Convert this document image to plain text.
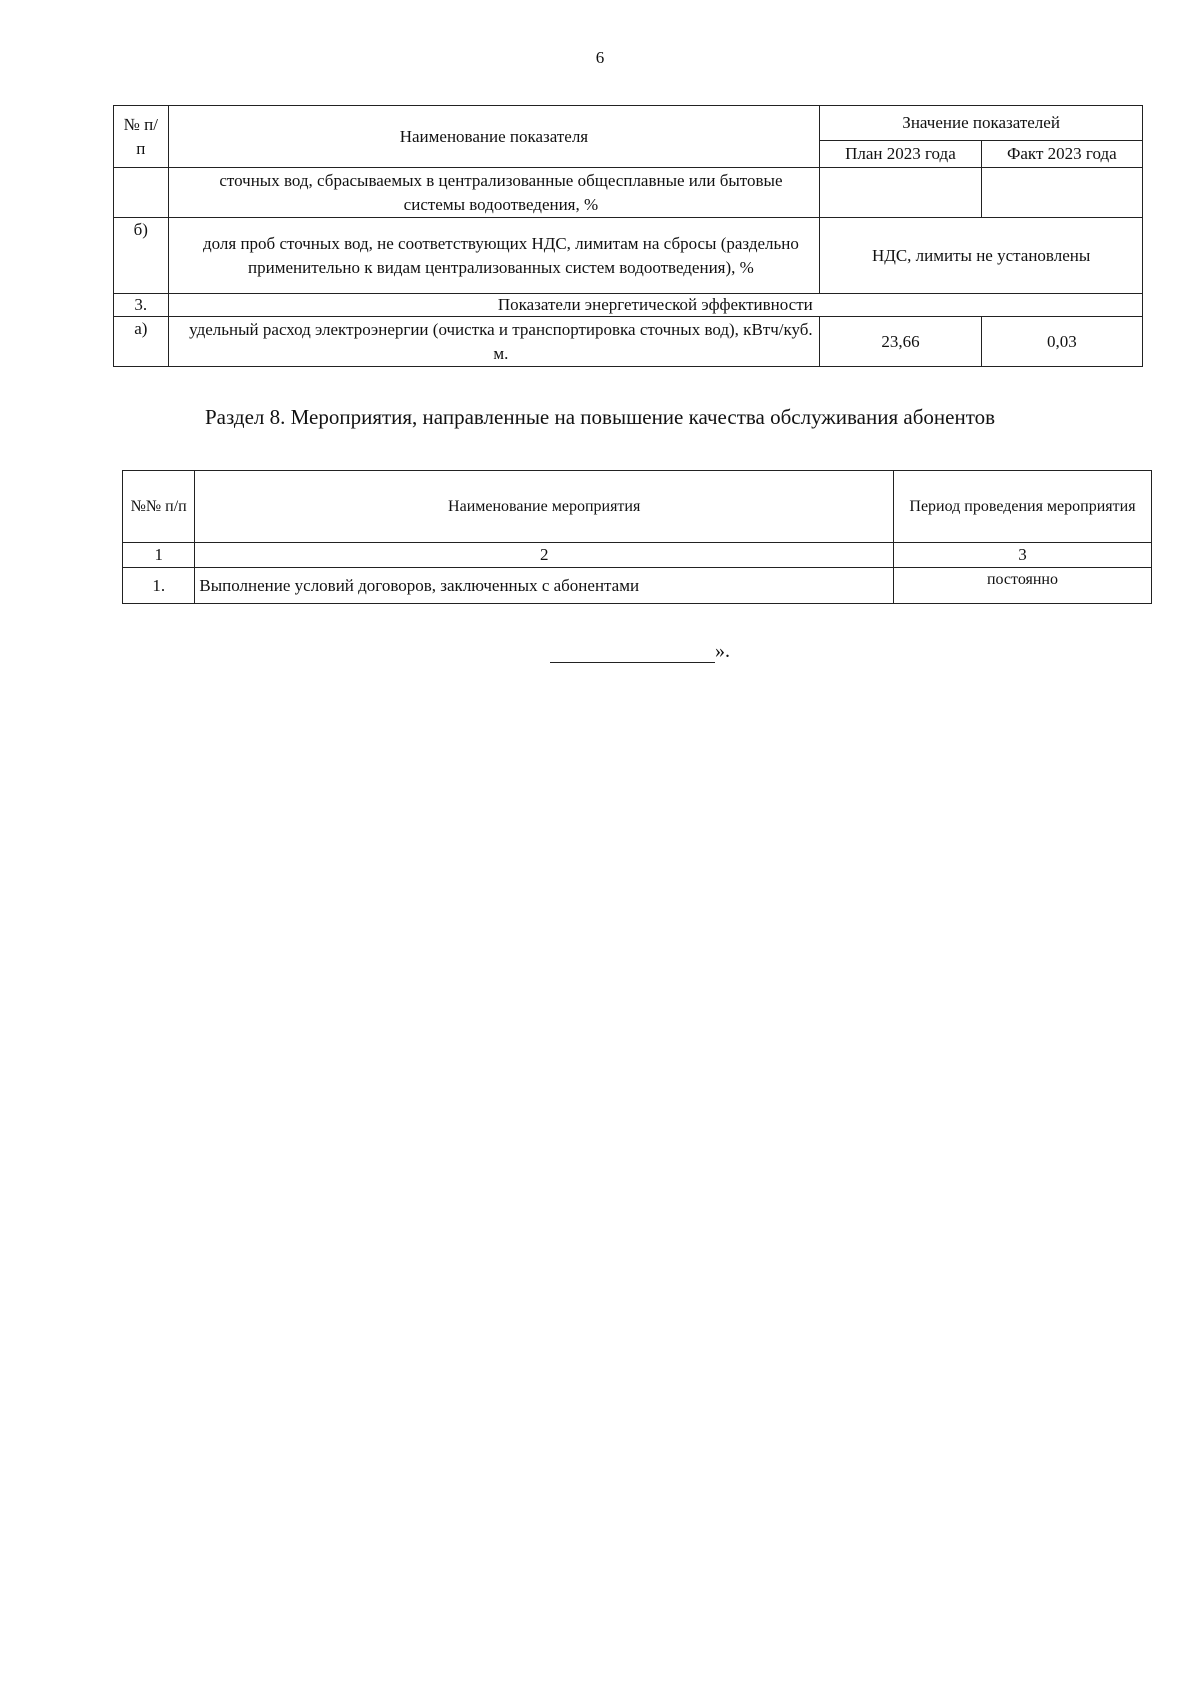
6
№ п/п	Наименование показателя	Значение показателей	
		План 2023 года	Факт 2023 года
	сточных вод, сбрасываемых в централизованные общесплавные или бытовые системы водоотведения, %		
б)	доля проб сточных вод, не соответствующих НДС, лимитам на сбросы (раздельно применительно к видам централизованных систем водоотведения), %	НДС, лимиты не установлены	
3.	Показатели энергетической эффективности		
а)	удельный расход электроэнергии (очистка и транспортировка сточных вод), кВтч/куб. м.	23,66	0,03
Раздел 8. Мероприятия, направленные на повышение качества обслуживания абонентов
№№ п/п	Наименование мероприятия	Период проведения мероприятия
1	2	3
1.	Выполнение условий договоров, заключенных с абонентами	постоянно
».
